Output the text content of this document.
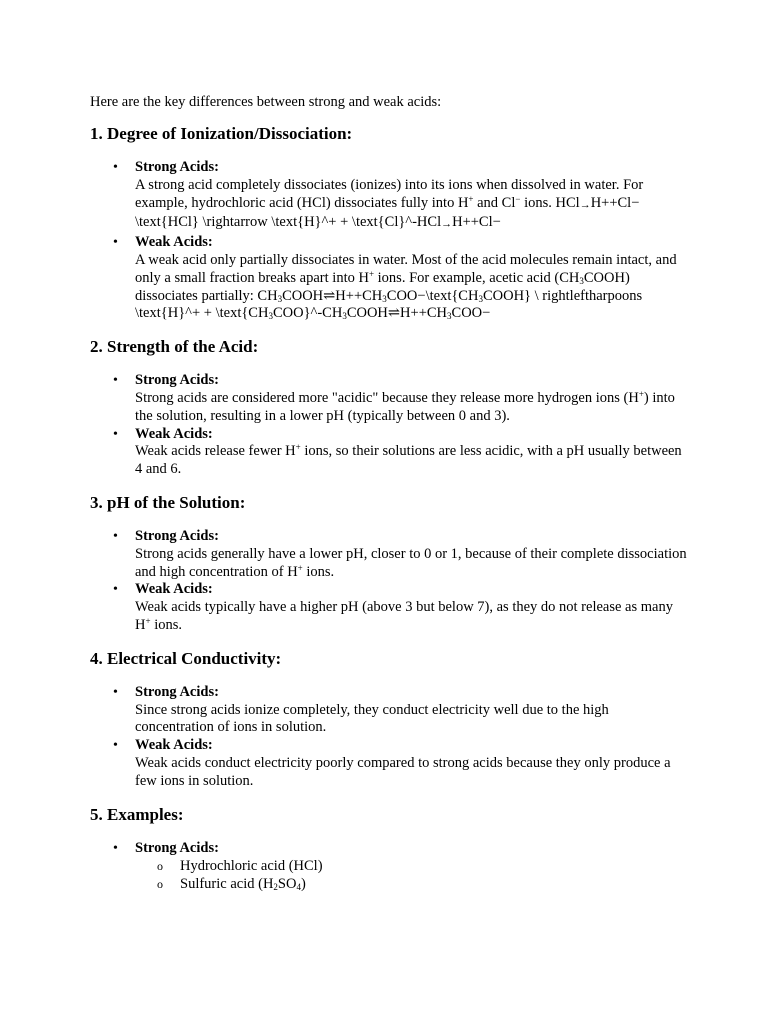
Here are the key differences between strong and weak acids:

1. Degree of Ionization/Dissociation:
• Strong Acids:
A strong acid completely dissociates (ionizes) into its ions when dissolved in water. For example, hydrochloric acid (HCl) dissociates fully into H+ and Cl− ions. HCl→H++Cl−\text{HCl} \rightarrow \text{H}^+ + \text{Cl}^-HCl→H++Cl−
• Weak Acids:
A weak acid only partially dissociates in water. Most of the acid molecules remain intact, and only a small fraction breaks apart into H+ ions. For example, acetic acid $(CH_3COOH)$ dissociates partially: $CH_3COOH\rightleftharpoons H++CH_3COO-\backslash text\{CH_3COOH\}$ \ rightleftharpoons \text{H}^+ + $\backslash text\{CH_3COO\}\^{}-CH_3COOH\rightleftharpoons H++CH_3COO-$
2. Strength of the Acid:
• Strong Acids:
Strong acids are considered more "acidic" because they release more hydrogen ions (H+) into the solution, resulting in a lower pH (typically between 0 and 3).
• Weak Acids:
Weak acids release fewer H+ ions, so their solutions are less acidic, with a pH usually between 4 and 6.
3. pH of the Solution:
• Strong Acids:
Strong acids generally have a lower pH, closer to 0 or 1, because of their complete dissociation and high concentration of H+ ions.
• Weak Acids:
Weak acids typically have a higher pH (above 3 but below 7), as they do not release as many H+ ions.
4. Electrical Conductivity:
• Strong Acids:
Since strong acids ionize completely, they conduct electricity well due to the high concentration of ions in solution.
• Weak Acids:
Weak acids conduct electricity poorly compared to strong acids because they only produce a few ions in solution.
5. Examples:
• Strong Acids:
o Hydrochloric acid (HCl)
o Sulfuric acid $(H_2SO_4)$
